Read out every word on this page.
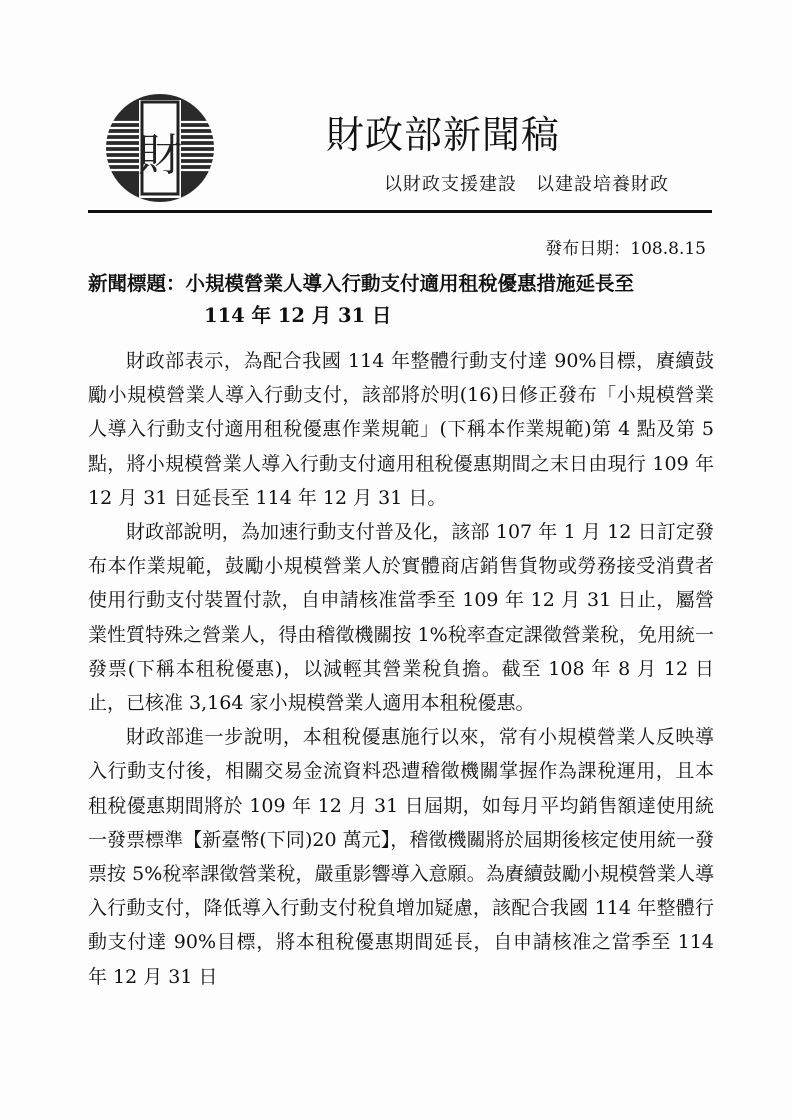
財	財政部新聞稿
以財政支援建設　以建設培養財政
發布日期：108.8.15
新聞標題：小規模營業人導入行動支付適用租稅優惠措施延長至
114 年 12 月 31 日

財政部表示，為配合我國 114 年整體行動支付達 90%目標，賡續鼓勵小規模營業人導入行動支付，該部將於明(16)日修正發布「小規模營業人導入行動支付適用租稅優惠作業規範」(下稱本作業規範)第 4 點及第 5 點，將小規模營業人導入行動支付適用租稅優惠期間之末日由現行 109 年 12 月 31 日延長至 114 年 12 月 31 日。

財政部說明，為加速行動支付普及化，該部 107 年 1 月 12 日訂定發布本作業規範，鼓勵小規模營業人於實體商店銷售貨物或勞務接受消費者使用行動支付裝置付款，自申請核准當季至 109 年 12 月 31 日止，屬營業性質特殊之營業人，得由稽徵機關按 1%稅率查定課徵營業稅，免用統一發票(下稱本租稅優惠)，以減輕其營業稅負擔。截至 108 年 8 月 12 日止，已核准 3,164 家小規模營業人適用本租稅優惠。

財政部進一步說明，本租稅優惠施行以來，常有小規模營業人反映導入行動支付後，相關交易金流資料恐遭稽徵機關掌握作為課稅運用，且本租稅優惠期間將於 109 年 12 月 31 日屆期，如每月平均銷售額達使用統一發票標準【新臺幣(下同)20 萬元】，稽徵機關將於屆期後核定使用統一發票按 5%稅率課徵營業稅，嚴重影響導入意願。為賡續鼓勵小規模營業人導入行動支付，降低導入行動支付稅負增加疑慮，該配合我國 114 年整體行動支付達 90%目標，將本租稅優惠期間延長，自申請核准之當季至 114 年 12 月 31 日
